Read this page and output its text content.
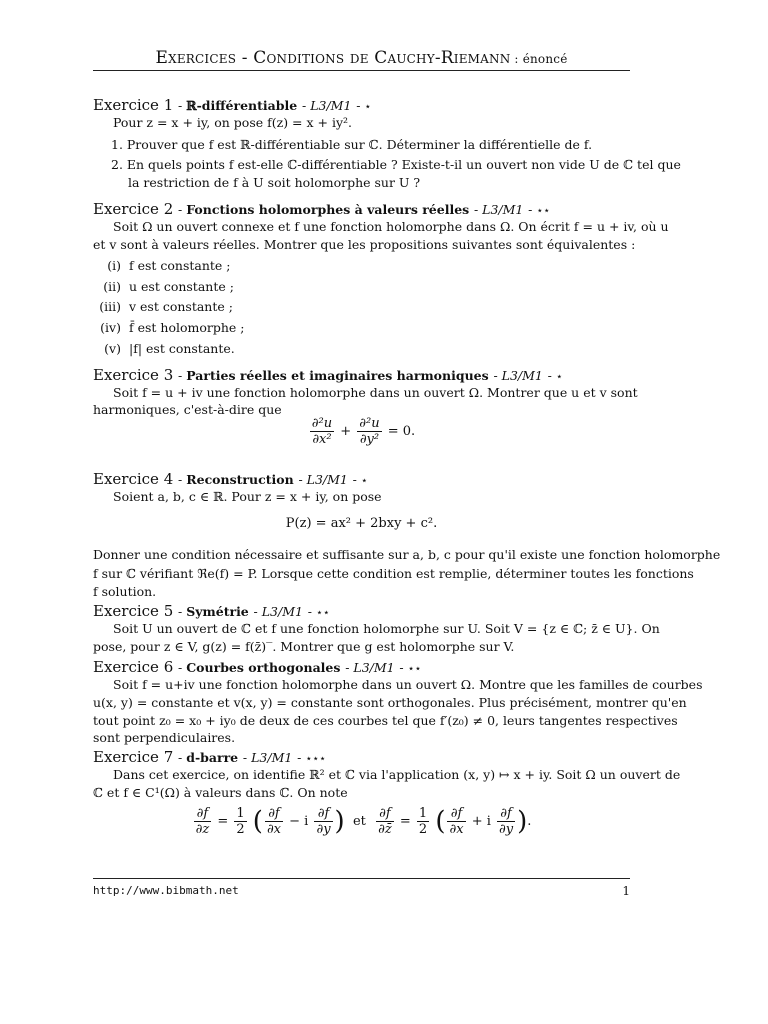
Exercices - Conditions de Cauchy-Riemann : énoncé
Exercice 1 - ℝ-différentiable - L3/M1 - ⋆
Pour z = x + iy, on pose f(z) = x + iy².
1. Prouver que f est ℝ-différentiable sur ℂ. Déterminer la différentielle de f.
2. En quels points f est-elle ℂ-différentiable ? Existe-t-il un ouvert non vide U de ℂ tel que
la restriction de f à U soit holomorphe sur U ?
Exercice 2 - Fonctions holomorphes à valeurs réelles - L3/M1 - ⋆⋆
Soit Ω un ouvert connexe et f une fonction holomorphe dans Ω. On écrit f = u + iv, où u
et v sont à valeurs réelles. Montrer que les propositions suivantes sont équivalentes :
(i) f est constante ;
(ii) u est constante ;
(iii) v est constante ;
(iv) f̄ est holomorphe ;
(v) |f| est constante.
Exercice 3 - Parties réelles et imaginaires harmoniques - L3/M1 - ⋆
Soit f = u + iv une fonction holomorphe dans un ouvert Ω. Montrer que u et v sont
harmoniques, c'est-à-dire que
$\frac{\text{∂²u}}{\text{∂x²}} + \frac{\text{∂²u}}{\text{∂y²}} = 0$.
Exercice 4 - Reconstruction - L3/M1 - ⋆
Soient a, b, c ∈ ℝ. Pour z = x + iy, on pose
P(z) = ax² + 2bxy + c².
Donner une condition nécessaire et suffisante sur a, b, c pour qu'il existe une fonction holomorphe
f sur ℂ vérifiant ℜe(f) = P. Lorsque cette condition est remplie, déterminer toutes les fonctions
f solution.
Exercice 5 - Symétrie - L3/M1 - ⋆⋆
Soit U un ouvert de ℂ et f une fonction holomorphe sur U. Soit V = {z ∈ ℂ; z̄ ∈ U}. On
pose, pour z ∈ V, g(z) = f(z̄)‾. Montrer que g est holomorphe sur V.
Exercice 6 - Courbes orthogonales - L3/M1 - ⋆⋆
Soit f = u+iv une fonction holomorphe dans un ouvert Ω. Montre que les familles de courbes
u(x, y) = constante et v(x, y) = constante sont orthogonales. Plus précisément, montrer qu'en
tout point z₀ = x₀ + iy₀ de deux de ces courbes tel que f′(z₀) ≠ 0, leurs tangentes respectives
sont perpendiculaires.
Exercice 7 - d-barre - L3/M1 - ⋆⋆⋆
Dans cet exercice, on identifie ℝ² et ℂ via l'application (x, y) ↦ x + iy. Soit Ω un ouvert de
ℂ et f ∈ C¹(Ω) à valeurs dans ℂ. On note
$\frac{\partial f}{\partial z} = \frac{1}{2}$ ( $\frac{\partial f}{\partial x} - i \frac{\partial f}{\partial y}$ ) et $\frac{\partial f}{\partial z̄} = \frac{1}{2}$ ( $\frac{\partial f}{\partial x} + i \frac{\partial f}{\partial y}$ ).
http://www.bibmath.net	1
